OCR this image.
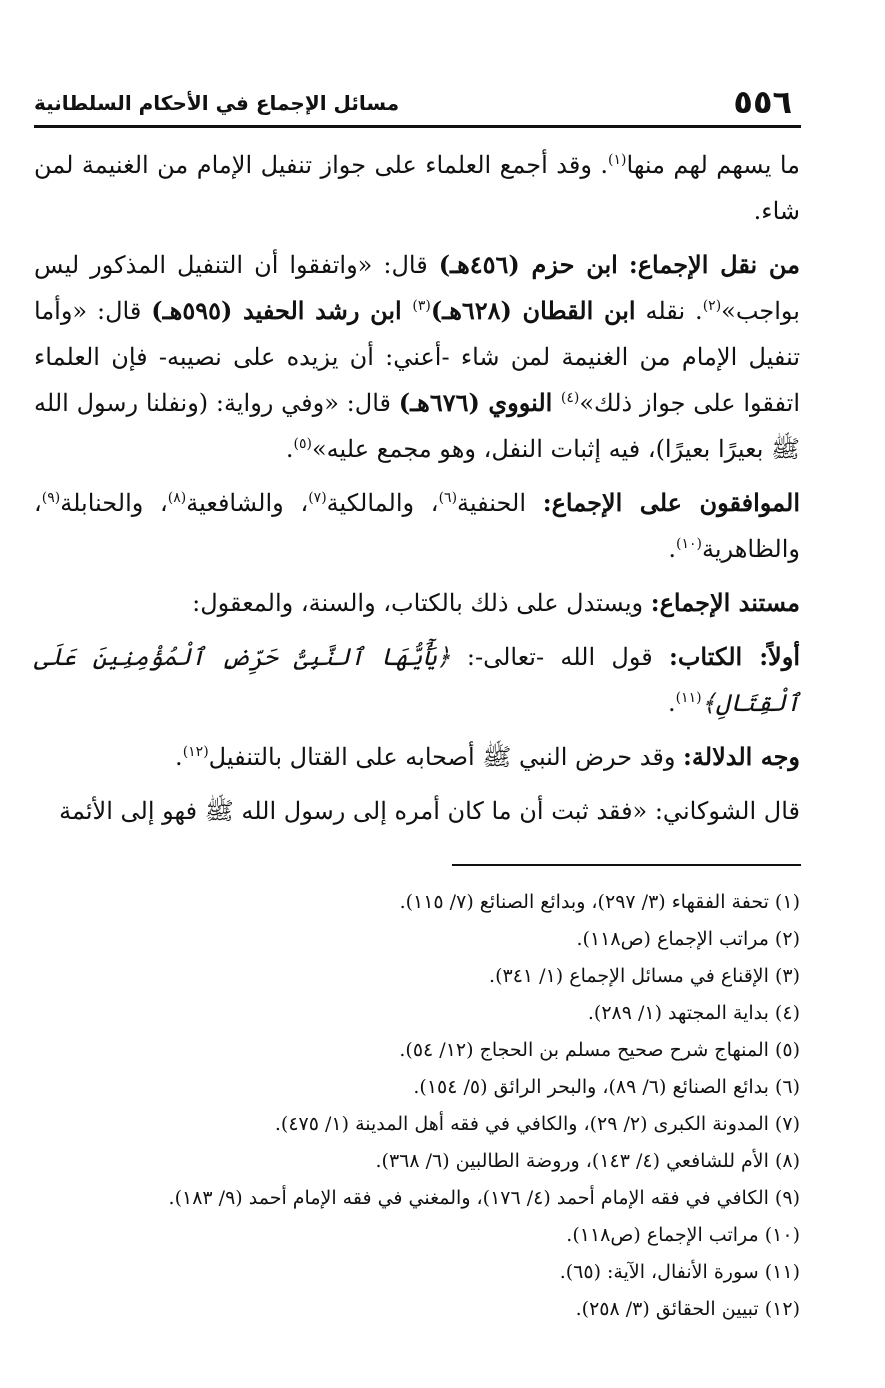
٥٥٦
مسائل الإجماع في الأحكام السلطانية

ما يسهم لهم منها$^{(١)}$. وقد أجمع العلماء على جواز تنفيل الإمام من الغنيمة لمن شاء.

من نقل الإجماع: ابن حزم (٤٥٦هـ) قال: «واتفقوا أن التنفيل المذكور ليس بواجب»$^{(٢)}$. نقله ابن القطان (٦٢٨هـ)$^{(٣)}$ ابن رشد الحفيد (٥٩٥هـ) قال: «وأما تنفيل الإمام من الغنيمة لمن شاء -أعني: أن يزيده على نصيبه- فإن العلماء اتفقوا على جواز ذلك»$^{(٤)}$ النووي (٦٧٦هـ) قال: «وفي رواية: (ونفلنا رسول الله ﷺ بعيرًا بعيرًا)، فيه إثبات النفل، وهو مجمع عليه»$^{(٥)}$.

الموافقون على الإجماع: الحنفية$^{(٦)}$، والمالكية$^{(٧)}$، والشافعية$^{(٨)}$، والحنابلة$^{(٩)}$، والظاهرية$^{(١٠)}$.

مستند الإجماع: ويستدل على ذلك بالكتاب، والسنة، والمعقول:

أولاً: الكتاب: قول الله -تعالى-: ﴿يَٰٓأَيُّهَا ٱلنَّبِىُّ حَرِّضِ ٱلْمُؤْمِنِينَ عَلَى ٱلْقِتَالِ﴾$^{(١١)}$.

وجه الدلالة: وقد حرض النبي ﷺ أصحابه على القتال بالتنفيل$^{(١٢)}$.

قال الشوكاني: «فقد ثبت أن ما كان أمره إلى رسول الله ﷺ فهو إلى الأئمة

(١) تحفة الفقهاء (٣/ ٢٩٧)، وبدائع الصنائع (٧/ ١١٥).
(٢) مراتب الإجماع (ص١١٨).
(٣) الإقناع في مسائل الإجماع (١/ ٣٤١).
(٤) بداية المجتهد (١/ ٢٨٩).
(٥) المنهاج شرح صحيح مسلم بن الحجاج (١٢/ ٥٤).
(٦) بدائع الصنائع (٦/ ٨٩)، والبحر الرائق (٥/ ١٥٤).
(٧) المدونة الكبرى (٢/ ٢٩)، والكافي في فقه أهل المدينة (١/ ٤٧٥).
(٨) الأم للشافعي (٤/ ١٤٣)، وروضة الطالبين (٦/ ٣٦٨).
(٩) الكافي في فقه الإمام أحمد (٤/ ١٧٦)، والمغني في فقه الإمام أحمد (٩/ ١٨٣).
(١٠) مراتب الإجماع (ص١١٨).
(١١) سورة الأنفال، الآية: (٦٥).
(١٢) تبيين الحقائق (٣/ ٢٥٨).
